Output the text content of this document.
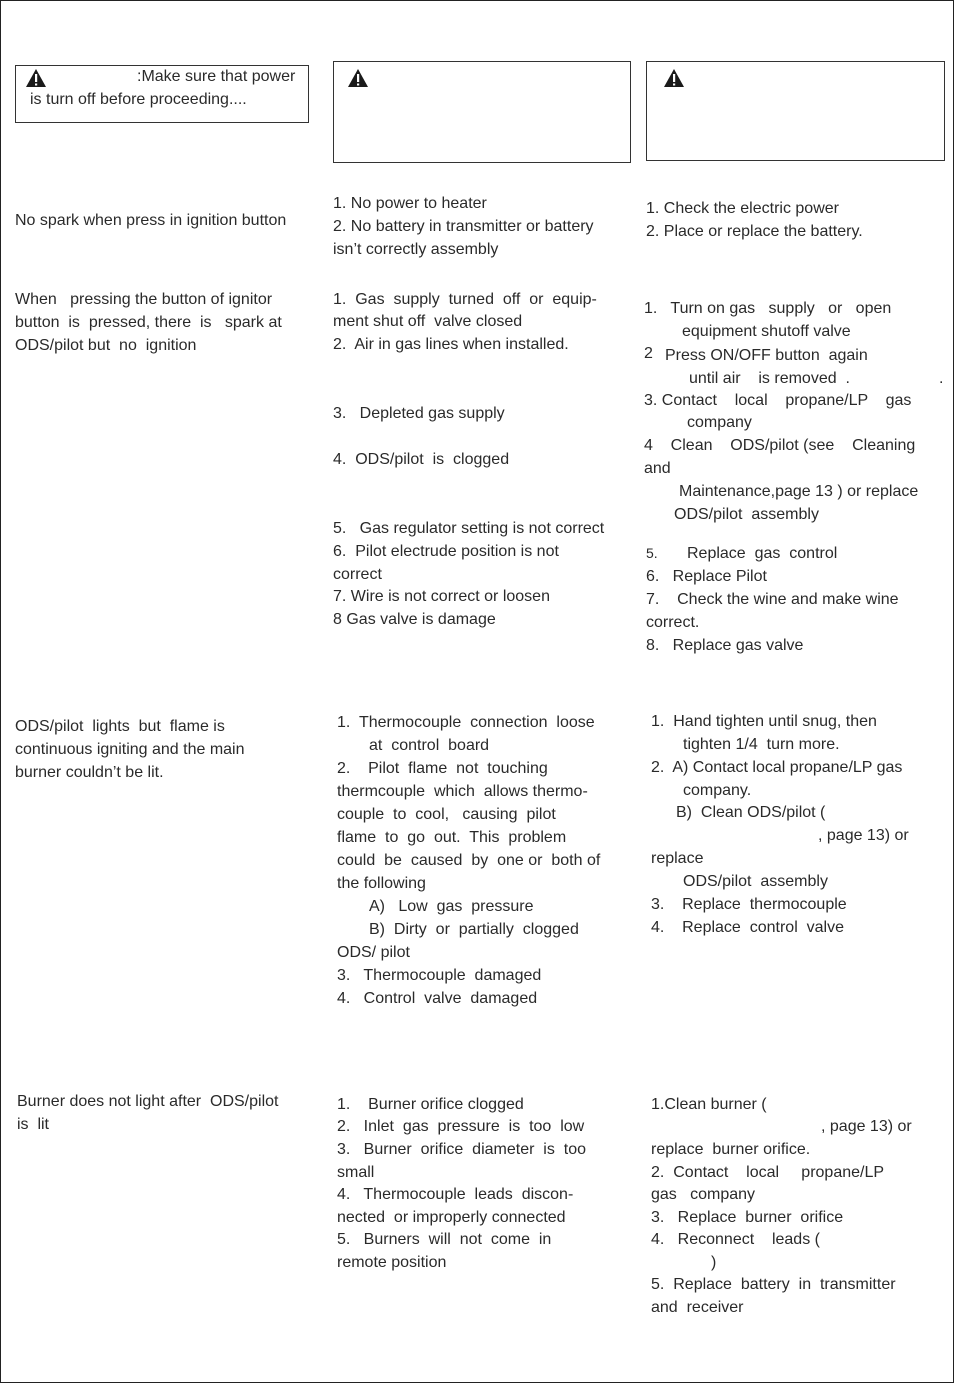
:Make sure that power
is turn off before proceeding....
No spark when press in ignition button
1. No power to heater
2. No battery in transmitter or battery
isn’t correctly assembly
1. Check the electric power
2. Place or replace the battery.
When   pressing the button of ignitor
button  is  pressed, there  is   spark at
ODS/pilot but  no  ignition
1.  Gas  supply  turned  off  or  equip-
ment shut off  valve closed
2.  Air in gas lines when installed.
3.   Depleted gas supply
4.  ODS/pilot  is  clogged
5.   Gas regulator setting is not correct
6.  Pilot electrude position is not
correct
7. Wire is not correct or loosen
8 Gas valve is damage
1.   Turn on gas   supply   or   open
equipment shutoff valve
2 Press ON/OFF button  again
until air    is removed  .	.
3. Contact    local    propane/LP    gas
company
4    Clean    ODS/pilot (see    Cleaning
and
Maintenance,page 13 ) or replace
ODS/pilot  assembly
5. Replace  gas  control
6.   Replace Pilot
7.    Check the wine and make wine
correct.
8.   Replace gas valve
ODS/pilot  lights  but  flame is
continuous igniting and the main
burner couldn’t be lit.
1.  Thermocouple  connection  loose
at  control  board
2.    Pilot  flame  not  touching
thermcouple  which  allows thermo-
couple  to  cool,   causing  pilot
flame  to  go  out.  This  problem
could  be  caused  by  one or  both of
the following
A)   Low  gas  pressure
B)  Dirty  or  partially  clogged
ODS/ pilot
3.   Thermocouple  damaged
4.   Control  valve  damaged
1.  Hand tighten until snug, then
tighten 1/4  turn more.
2.  A) Contact local propane/LP gas
company.
B)  Clean ODS/pilot (
, page 13) or
replace
ODS/pilot  assembly
3.    Replace  thermocouple
4.    Replace  control  valve
Burner does not light after  ODS/pilot
is  lit
1.    Burner orifice clogged
2.   Inlet  gas  pressure  is  too  low
3.   Burner  orifice  diameter  is  too
small
4.   Thermocouple  leads  discon-
nected  or improperly connected
5.   Burners  will  not  come  in
remote position
1.Clean burner (
, page 13) or
replace  burner orifice.
2.  Contact    local     propane/LP
gas   company
3.   Replace  burner  orifice
4.   Reconnect    leads (
)
5.  Replace  battery  in  transmitter
and  receiver
